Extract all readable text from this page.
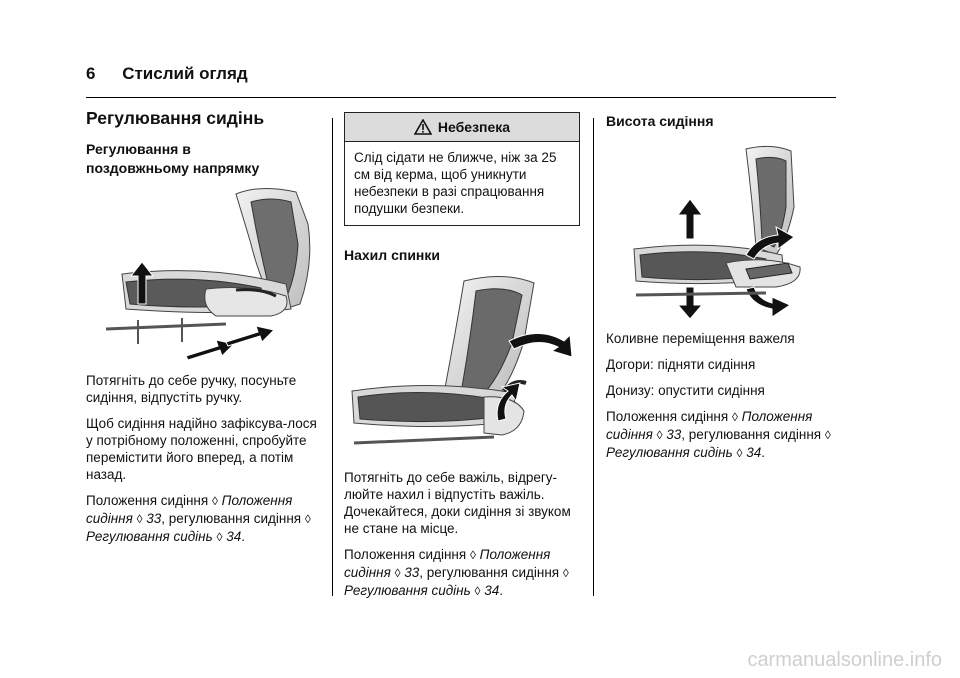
6 Стислий огляд
Регулювання сидінь
Регулювання в поздовжньому напрямку

Потягніть до себе ручку, посуньте сидіння, відпустіть ручку.

Щоб сидіння надійно зафіксува-лося у потрібному положенні, спробуйте перемістити його вперед, а потім назад.

Положення сидіння ◊ Положення сидіння ◊ 33, регулювання сидіння ◊ Регулювання сидінь ◊ 34.

Небезпека
Слід сідати не ближче, ніж за 25 см від керма, щоб уникнути небезпеки в разі спрацювання подушки безпеки.
Нахил спинки

Потягніть до себе важіль, відрегу-люйте нахил і відпустіть важіль. Дочекайтеся, доки сидіння зі звуком не стане на місце.

Положення сидіння ◊ Положення сидіння ◊ 33, регулювання сидіння ◊ Регулювання сидінь ◊ 34.

Висота сидіння

Коливне переміщення важеля

Догори: підняти сидіння

Донизу: опустити сидіння

Положення сидіння ◊ Положення сидіння ◊ 33, регулювання сидіння ◊ Регулювання сидінь ◊ 34.

carmanualsonline.info
